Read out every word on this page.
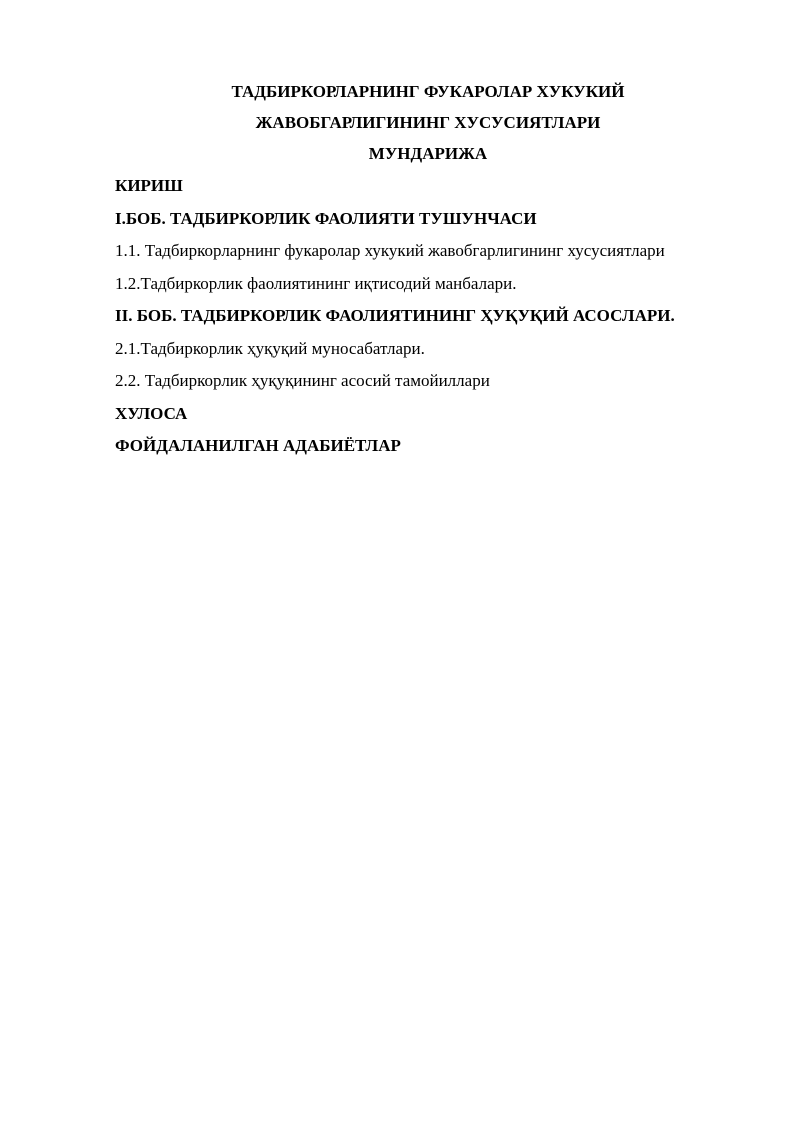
ТАДБИРКОРЛАРНИНГ ФУКАРОЛАР ХУКУКИЙ
ЖАВОБГАРЛИГИНИНГ ХУСУСИЯТЛАРИ
МУНДАРИЖА
КИРИШ
I.БОБ. ТАДБИРКОРЛИК ФАОЛИЯТИ ТУШУНЧАСИ
1.1. Тадбиркорларнинг фукаролар хукукий жавобгарлигининг хусусиятлари
1.2.Тадбиркорлик фаолиятининг иқтисодий манбалари.
II. БОБ. ТАДБИРКОРЛИК ФАОЛИЯТИНИНГ ҲУҚУҚИЙ АСОСЛАРИ.
2.1.Тадбиркорлик ҳуқуқий муносабатлари.
2.2. Тадбиркорлик ҳуқуқининг асосий тамойиллари
ХУЛОСА
ФОЙДАЛАНИЛГАН АДАБИЁТЛАР
